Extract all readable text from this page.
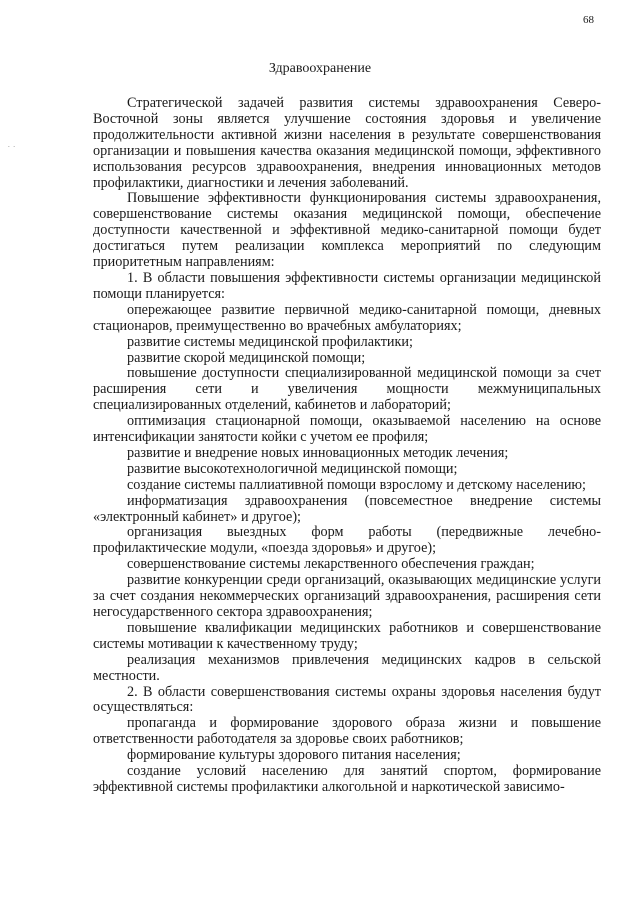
68
.  .
Здравоохранение

Стратегической задачей развития системы здравоохранения Северо-Восточной зоны является улучшение состояния здоровья и увеличение продолжительности активной жизни населения в результате совершенствования организации и повышения качества оказания медицинской помощи, эффективного использования ресурсов здравоохранения, внедрения инновационных методов профилактики, диагностики и лечения заболеваний.

Повышение эффективности функционирования системы здравоохранения, совершенствование системы оказания медицинской помощи, обеспечение доступности качественной и эффективной медико-санитарной помощи будет достигаться путем реализации комплекса мероприятий по следующим приоритетным направлениям:

1. В области повышения эффективности системы организации медицинской помощи планируется:

опережающее развитие первичной медико-санитарной помощи, дневных стационаров, преимущественно во врачебных амбулаториях;

развитие системы медицинской профилактики;

развитие скорой медицинской помощи;

повышение доступности специализированной медицинской помощи за счет расширения сети и увеличения мощности межмуниципальных специализированных отделений, кабинетов и лабораторий;

оптимизация стационарной помощи, оказываемой населению на основе интенсификации занятости койки с учетом ее профиля;

развитие и внедрение новых инновационных методик лечения;

развитие высокотехнологичной медицинской помощи;

создание системы паллиативной помощи взрослому и детскому населению;

информатизация здравоохранения (повсеместное внедрение системы «электронный кабинет» и другое);

организация выездных форм работы (передвижные лечебно-профилактические модули, «поезда здоровья» и другое);

совершенствование системы лекарственного обеспечения граждан;

развитие конкуренции среди организаций, оказывающих медицинские услуги за счет создания некоммерческих организаций здравоохранения, расширения сети негосударственного сектора здравоохранения;

повышение квалификации медицинских работников и совершенствование системы мотивации к качественному труду;

реализация механизмов привлечения медицинских кадров в сельской местности.

2. В области совершенствования системы охраны здоровья населения будут осуществляться:

пропаганда и формирование здорового образа жизни и повышение ответственности работодателя за здоровье своих работников;

формирование культуры здорового питания населения;

создание условий населению для занятий спортом, формирование эффективной системы профилактики алкогольной и наркотической зависимо-
